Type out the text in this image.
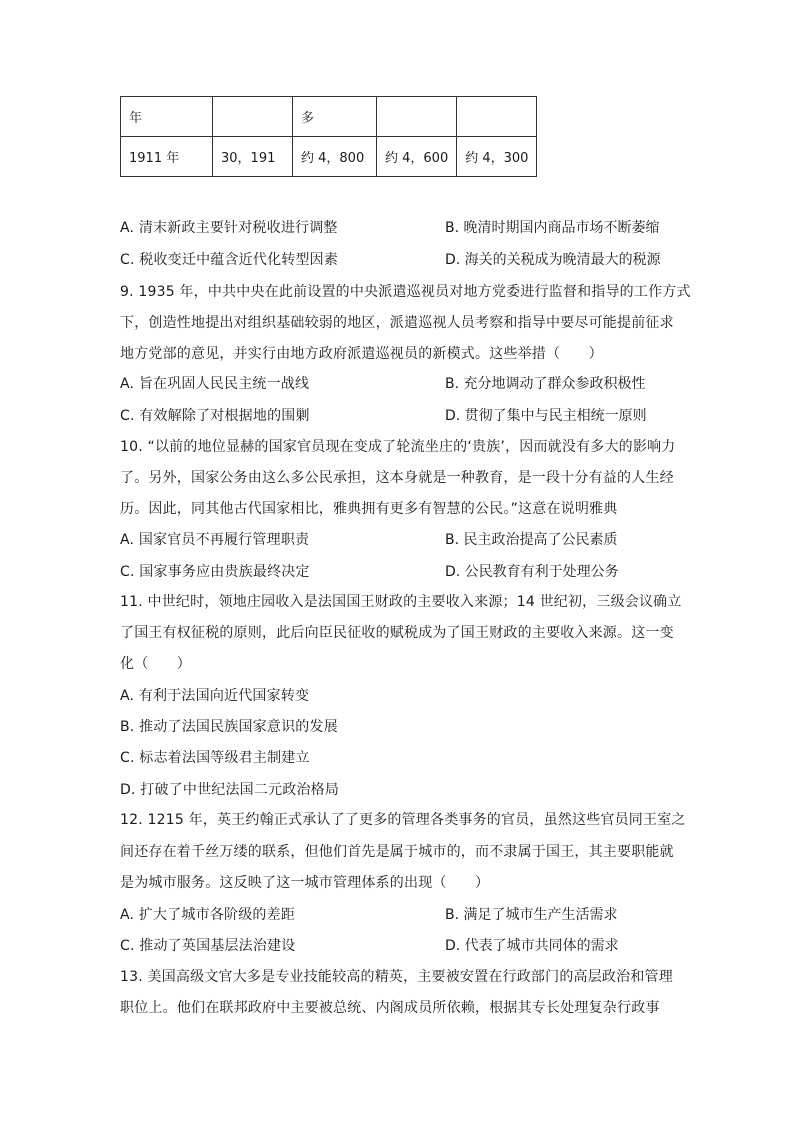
年		多		
1911 年	30，191	约 4，800	约 4，600	约 4，300
A. 清末新政主要针对税收进行调整	B. 晚清时期国内商品市场不断萎缩
C. 税收变迁中蕴含近代化转型因素	D. 海关的关税成为晚清最大的税源
9. 1935 年，中共中央在此前设置的中央派遣巡视员对地方党委进行监督和指导的工作方式
下，创造性地提出对组织基础较弱的地区，派遣巡视人员考察和指导中要尽可能提前征求
地方党部的意见，并实行由地方政府派遣巡视员的新模式。这些举措（　　）
A. 旨在巩固人民民主统一战线	B. 充分地调动了群众参政积极性
C. 有效解除了对根据地的围剿	D. 贯彻了集中与民主相统一原则
10. “以前的地位显赫的国家官员现在变成了轮流坐庄的‘贵族’，因而就没有多大的影响力
了。另外，国家公务由这么多公民承担，这本身就是一种教育，是一段十分有益的人生经
历。因此，同其他古代国家相比，雅典拥有更多有智慧的公民。”这意在说明雅典
A. 国家官员不再履行管理职责	B. 民主政治提高了公民素质
C. 国家事务应由贵族最终决定	D. 公民教育有利于处理公务
11. 中世纪时，领地庄园收入是法国国王财政的主要收入来源；14 世纪初，三级会议确立
了国王有权征税的原则，此后向臣民征收的赋税成为了国王财政的主要收入来源。这一变
化（　　）
A. 有利于法国向近代国家转变
B. 推动了法国民族国家意识的发展
C. 标志着法国等级君主制建立
D. 打破了中世纪法国二元政治格局
12. 1215 年，英王约翰正式承认了了更多的管理各类事务的官员，虽然这些官员同王室之
间还存在着千丝万缕的联系，但他们首先是属于城市的，而不隶属于国王，其主要职能就
是为城市服务。这反映了这一城市管理体系的出现（　　）
A. 扩大了城市各阶级的差距	B. 满足了城市生产生活需求
C. 推动了英国基层法治建设	D. 代表了城市共同体的需求
13. 美国高级文官大多是专业技能较高的精英，主要被安置在行政部门的高层政治和管理
职位上。他们在联邦政府中主要被总统、内阁成员所依赖，根据其专长处理复杂行政事
